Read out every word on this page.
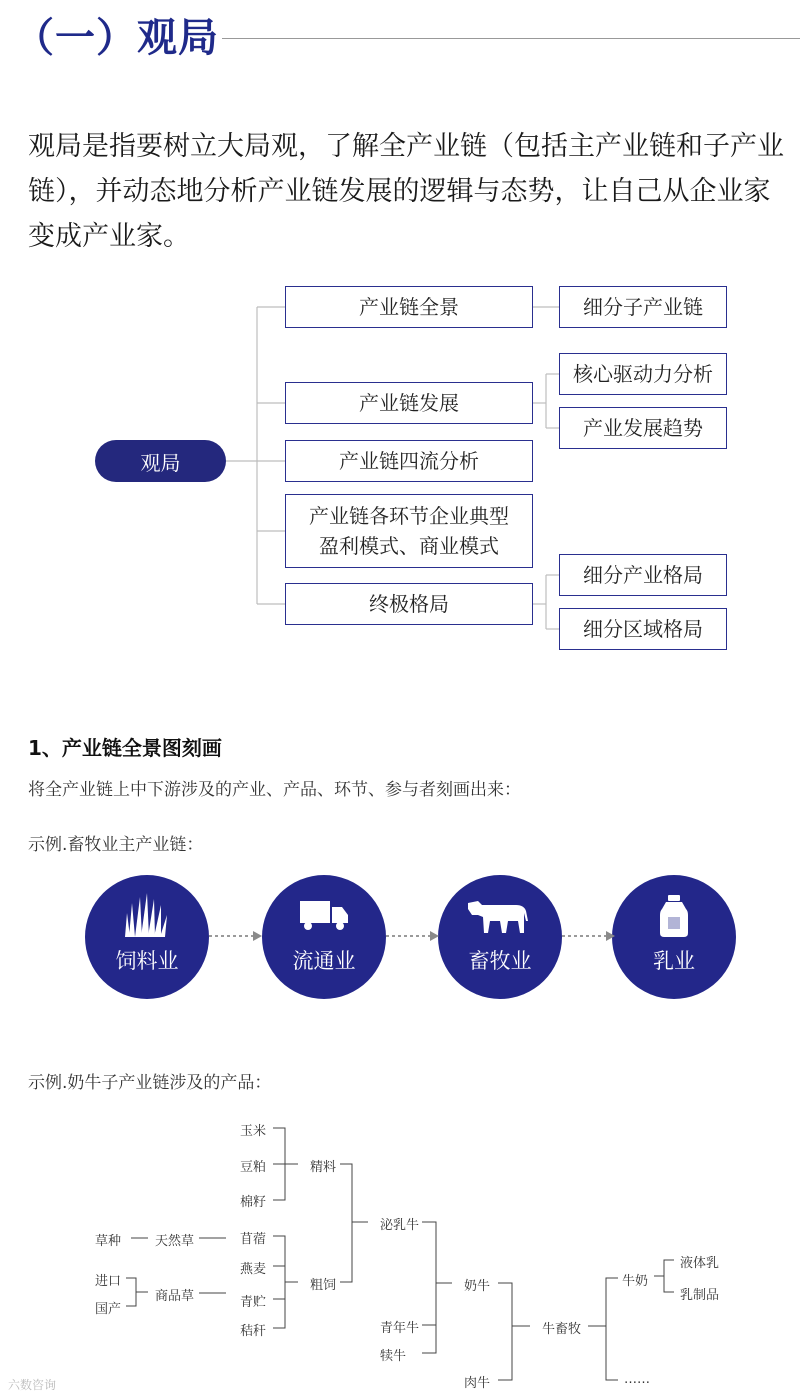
（一）观局
观局是指要树立大局观，了解全产业链（包括主产业链和子产业链），并动态地分析产业链发展的逻辑与态势，让自己从企业家变成产业家。
观局
产业链全景
产业链发展
产业链四流分析
产业链各环节企业典型
盈利模式、商业模式
终极格局
细分子产业链
核心驱动力分析
产业发展趋势
细分产业格局
细分区域格局
1、产业链全景图刻画
将全产业链上中下游涉及的产业、产品、环节、参与者刻画出来：
示例.畜牧业主产业链：
饲料业	流通业	畜牧业	乳业
示例.奶牛子产业链涉及的产品：
玉米
豆粕
棉籽
精料
草种	天然草	苜蓿
燕麦
进口
商品草
粗饲
青贮
国产
秸秆
泌乳牛
青年牛
犊牛
奶牛
肉牛
牛畜牧
牛奶
……
液体乳
乳制品
六数咨询
